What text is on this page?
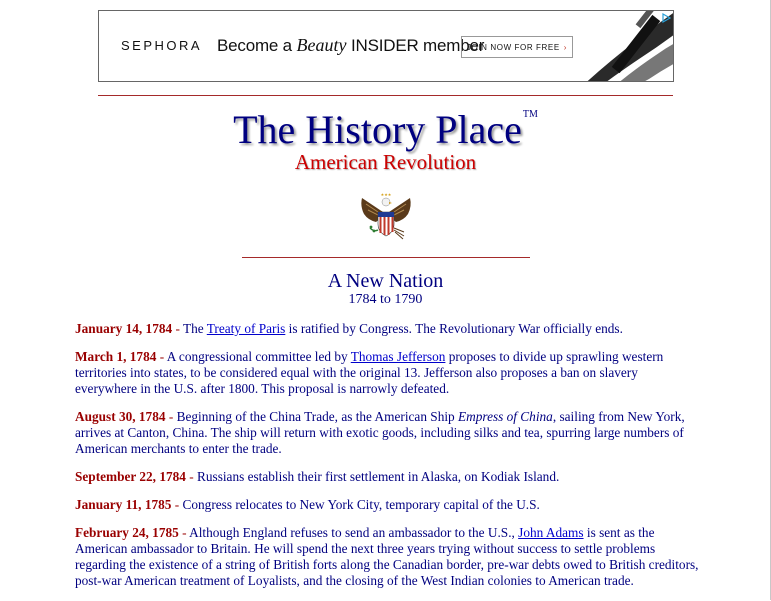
SEPHORA Become a Beauty INSIDER member
JOIN NOW FOR FREE ›
The History Place™
American Revolution
★★★
A New Nation
1784 to 1790

January 14, 1784 - The Treaty of Paris is ratified by Congress. The Revolutionary War officially ends.

March 1, 1784 - A congressional committee led by Thomas Jefferson proposes to divide up sprawling western territories into states, to be considered equal with the original 13. Jefferson also proposes a ban on slavery everywhere in the U.S. after 1800. This proposal is narrowly defeated.

August 30, 1784 - Beginning of the China Trade, as the American Ship Empress of China, sailing from New York, arrives at Canton, China. The ship will return with exotic goods, including silks and tea, spurring large numbers of American merchants to enter the trade.

September 22, 1784 - Russians establish their first settlement in Alaska, on Kodiak Island.

January 11, 1785 - Congress relocates to New York City, temporary capital of the U.S.

February 24, 1785 - Although England refuses to send an ambassador to the U.S., John Adams is sent as the American ambassador to Britain. He will spend the next three years trying without success to settle problems regarding the existence of a string of British forts along the Canadian border, pre-war debts owed to British creditors, post-war American treatment of Loyalists, and the closing of the West Indian colonies to American trade.
